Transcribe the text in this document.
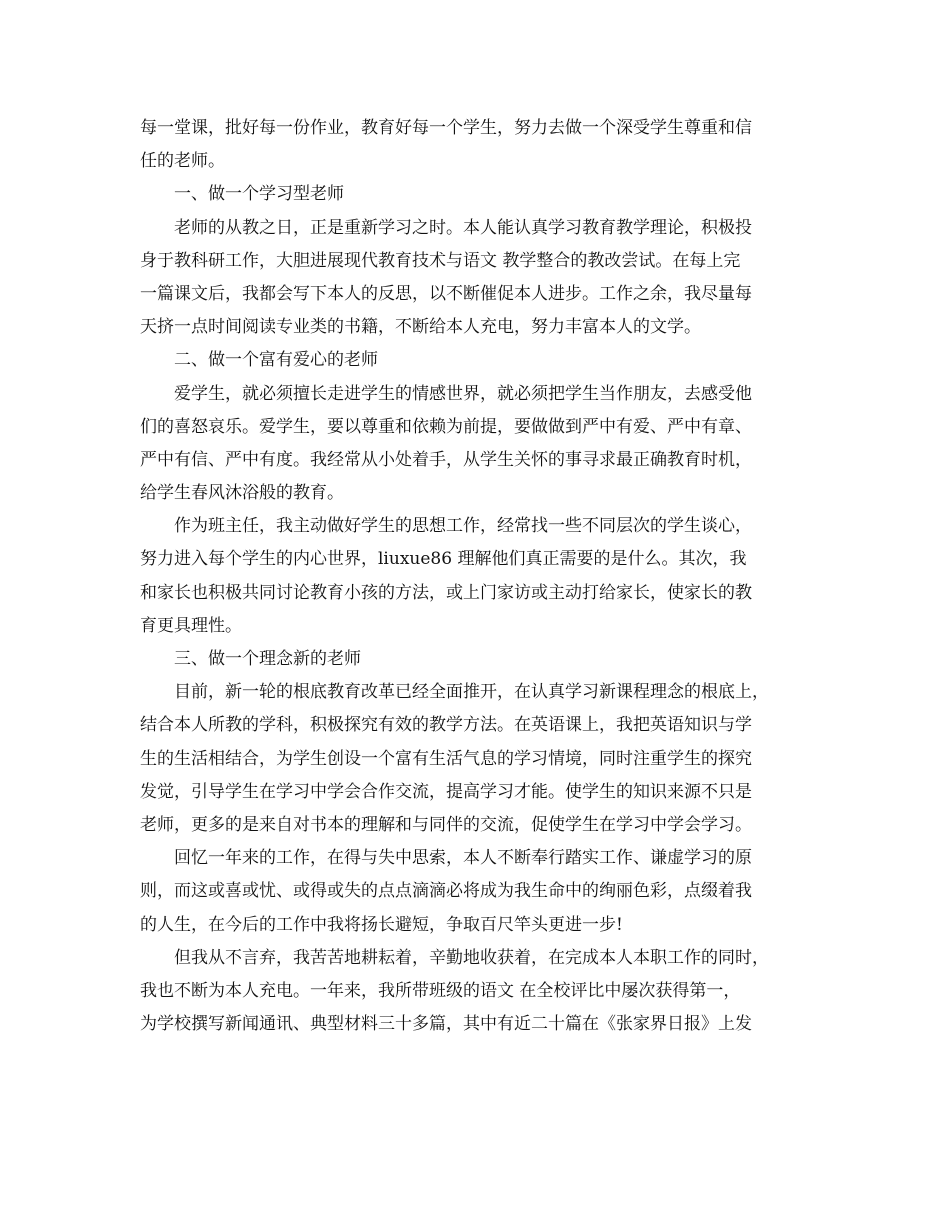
每一堂课，批好每一份作业，教育好每一个学生，努力去做一个深受学生尊重和信
任的老师。
一、做一个学习型老师
老师的从教之日，正是重新学习之时。本人能认真学习教育教学理论，积极投
身于教科研工作，大胆进展现代教育技术与语文 教学整合的教改尝试。在每上完
一篇课文后，我都会写下本人的反思，以不断催促本人进步。工作之余，我尽量每
天挤一点时间阅读专业类的书籍，不断给本人充电，努力丰富本人的文学。
二、做一个富有爱心的老师
爱学生，就必须擅长走进学生的情感世界，就必须把学生当作朋友，去感受他
们的喜怒哀乐。爱学生，要以尊重和依赖为前提，要做做到严中有爱、严中有章、
严中有信、严中有度。我经常从小处着手，从学生关怀的事寻求最正确教育时机，
给学生春风沐浴般的教育。
作为班主任，我主动做好学生的思想工作，经常找一些不同层次的学生谈心，
努力进入每个学生的内心世界，liuxue86 理解他们真正需要的是什么。其次，我
和家长也积极共同讨论教育小孩的方法，或上门家访或主动打给家长，使家长的教
育更具理性。
三、做一个理念新的老师
目前，新一轮的根底教育改革已经全面推开，在认真学习新课程理念的根底上，
结合本人所教的学科，积极探究有效的教学方法。在英语课上，我把英语知识与学
生的生活相结合，为学生创设一个富有生活气息的学习情境，同时注重学生的探究
发觉，引导学生在学习中学会合作交流，提高学习才能。使学生的知识来源不只是
老师，更多的是来自对书本的理解和与同伴的交流，促使学生在学习中学会学习。
回忆一年来的工作，在得与失中思索，本人不断奉行踏实工作、谦虚学习的原
则，而这或喜或忧、或得或失的点点滴滴必将成为我生命中的绚丽色彩，点缀着我
的人生，在今后的工作中我将扬长避短，争取百尺竿头更进一步!
但我从不言弃，我苦苦地耕耘着，辛勤地收获着，在完成本人本职工作的同时，
我也不断为本人充电。一年来，我所带班级的语文 在全校评比中屡次获得第一，
为学校撰写新闻通讯、典型材料三十多篇，其中有近二十篇在《张家界日报》上发
